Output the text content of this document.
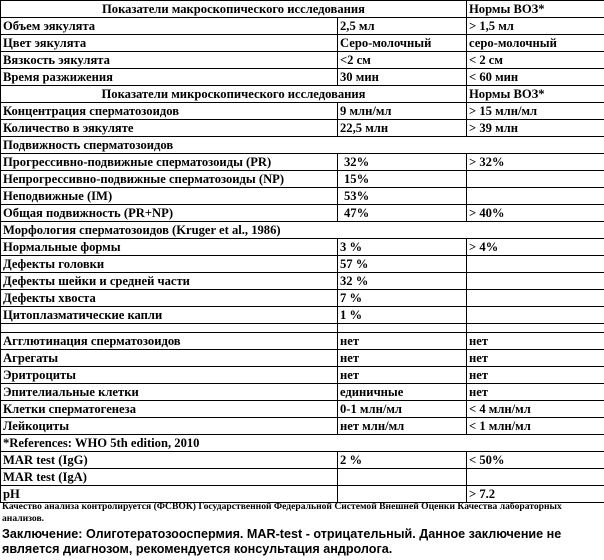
Показатели макроскопического исследования		Нормы ВОЗ*
Объем эякулята	2,5 мл	> 1,5 мл
Цвет эякулята	Серо-молочный	серо-молочный
Вязкость эякулята	<2 см	< 2 см
Время разжижения	30 мин	< 60 мин
Показатели микроскопического исследования		Нормы ВОЗ*
Концентрация сперматозоидов	9 млн/мл	> 15 млн/мл
Количество в эякуляте	22,5 млн	> 39 млн
Подвижность сперматозоидов		
Прогрессивно-подвижные сперматозоиды (PR)	32%	> 32%
Непрогрессивно-подвижные сперматозоиды (NP)	15%	
Неподвижные (IM)	53%	
Общая подвижность (PR+NP)	47%	> 40%
Морфология сперматозоидов (Kruger et al., 1986)		
Нормальные формы	3 %	> 4%
Дефекты головки	57 %	
Дефекты шейки и средней части	32 %	
Дефекты хвоста	7 %	
Цитоплазматические капли	1 %	

Агглютинация сперматозоидов	нет	нет
Агрегаты	нет	нет
Эритроциты	нет	нет
Эпителиальные клетки	единичные	нет
Клетки сперматогенеза	0-1 млн/мл	< 4 млн/мл
Лейкоциты	нет млн/мл	< 1 млн/мл
*References: WHO 5th edition, 2010		
MAR test (IgG)	2 %	< 50%
MAR test (IgA)		
pH		> 7.2
Качество анализа контролируется (ФСВОК) Государственной Федеральной Системой Внешней Оценки Качества лабораторных анализов.
Заключение: Олиготератозооспермия. MAR-test - отрицательный. Данное заключение не является диагнозом, рекомендуется консультация андролога.
